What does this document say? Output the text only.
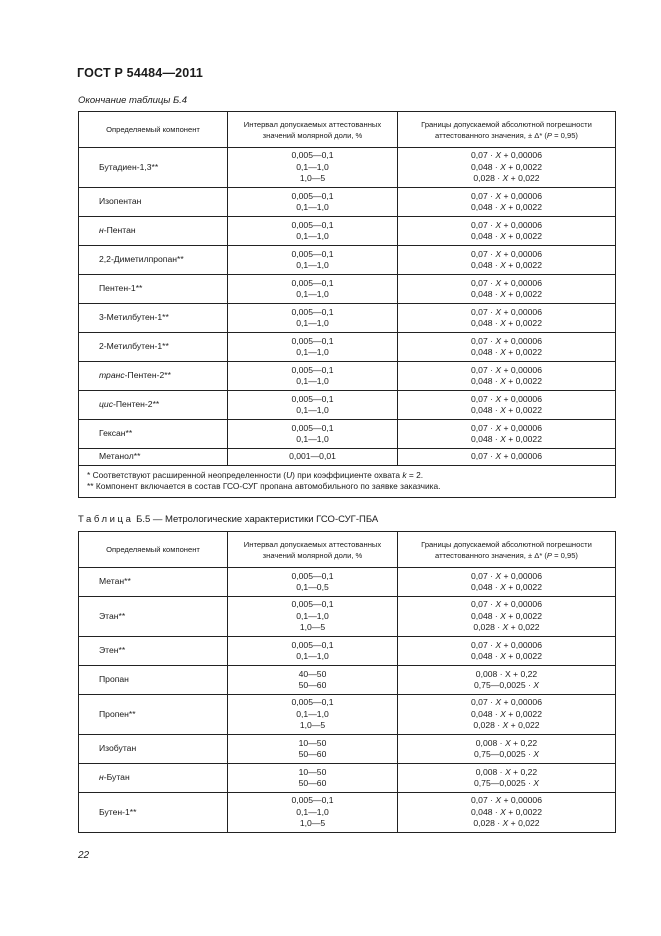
ГОСТ Р 54484—2011
Окончание таблицы Б.4
Определяемый компонент	Интервал допускаемых аттестованных
значений молярной доли, %	Границы допускаемой абсолютной погрешности
аттестованного значения, ± Δ* (P = 0,95)

Бутадиен-1,3**	0,005—0,1
0,1—1,0
1,0—5	0,07 · X + 0,00006
0,048 · X + 0,0022
0,028 · X + 0,022

Изопентан	0,005—0,1
0,1—1,0	0,07 · X + 0,00006
0,048 · X + 0,0022

н-Пентан	0,005—0,1
0,1—1,0	0,07 · X + 0,00006
0,048 · X + 0,0022

2,2-Диметилпропан**	0,005—0,1
0,1—1,0	0,07 · X + 0,00006
0,048 · X + 0,0022

Пентен-1**	0,005—0,1
0,1—1,0	0,07 · X + 0,00006
0,048 · X + 0,0022

3-Метилбутен-1**	0,005—0,1
0,1—1,0	0,07 · X + 0,00006
0,048 · X + 0,0022

2-Метилбутен-1**	0,005—0,1
0,1—1,0	0,07 · X + 0,00006
0,048 · X + 0,0022

транс-Пентен-2**	0,005—0,1
0,1—1,0	0,07 · X + 0,00006
0,048 · X + 0,0022

цис-Пентен-2**	0,005—0,1
0,1—1,0	0,07 · X + 0,00006
0,048 · X + 0,0022

Гексан**	0,005—0,1
0,1—1,0	0,07 · X + 0,00006
0,048 · X + 0,0022

Метанол**	0,001—0,01	0,07 · X + 0,00006

* Соответствуют расширенной неопределенности (U) при коэффициенте охвата k = 2.
** Компонент включается в состав ГСО-СУГ пропана автомобильного по заявке заказчика.		
Таблица Б.5 — Метрологические характеристики ГСО-СУГ-ПБА
Определяемый компонент	Интервал допускаемых аттестованных
значений молярной доли, %	Границы допускаемой абсолютной погрешности
аттестованного значения, ± Δ* (P = 0,95)

Метан**	0,005—0,1
0,1—0,5	0,07 · X + 0,00006
0,048 · X + 0,0022

Этан**	0,005—0,1
0,1—1,0
1,0—5	0,07 · X + 0,00006
0,048 · X + 0,0022
0,028 · X + 0,022

Этен**	0,005—0,1
0,1—1,0	0,07 · X + 0,00006
0,048 · X + 0,0022

Пропан	40—50
50—60	0,008 · X + 0,22
0,75—0,0025 · X

Пропен**	0,005—0,1
0,1—1,0
1,0—5	0,07 · X + 0,00006
0,048 · X + 0,0022
0,028 · X + 0,022

Изобутан	10—50
50—60	0,008 · X + 0,22
0,75—0,0025 · X

н-Бутан	10—50
50—60	0,008 · X + 0,22
0,75—0,0025 · X

Бутен-1**	0,005—0,1
0,1—1,0
1,0—5	0,07 · X + 0,00006
0,048 · X + 0,0022
0,028 · X + 0,022
22
